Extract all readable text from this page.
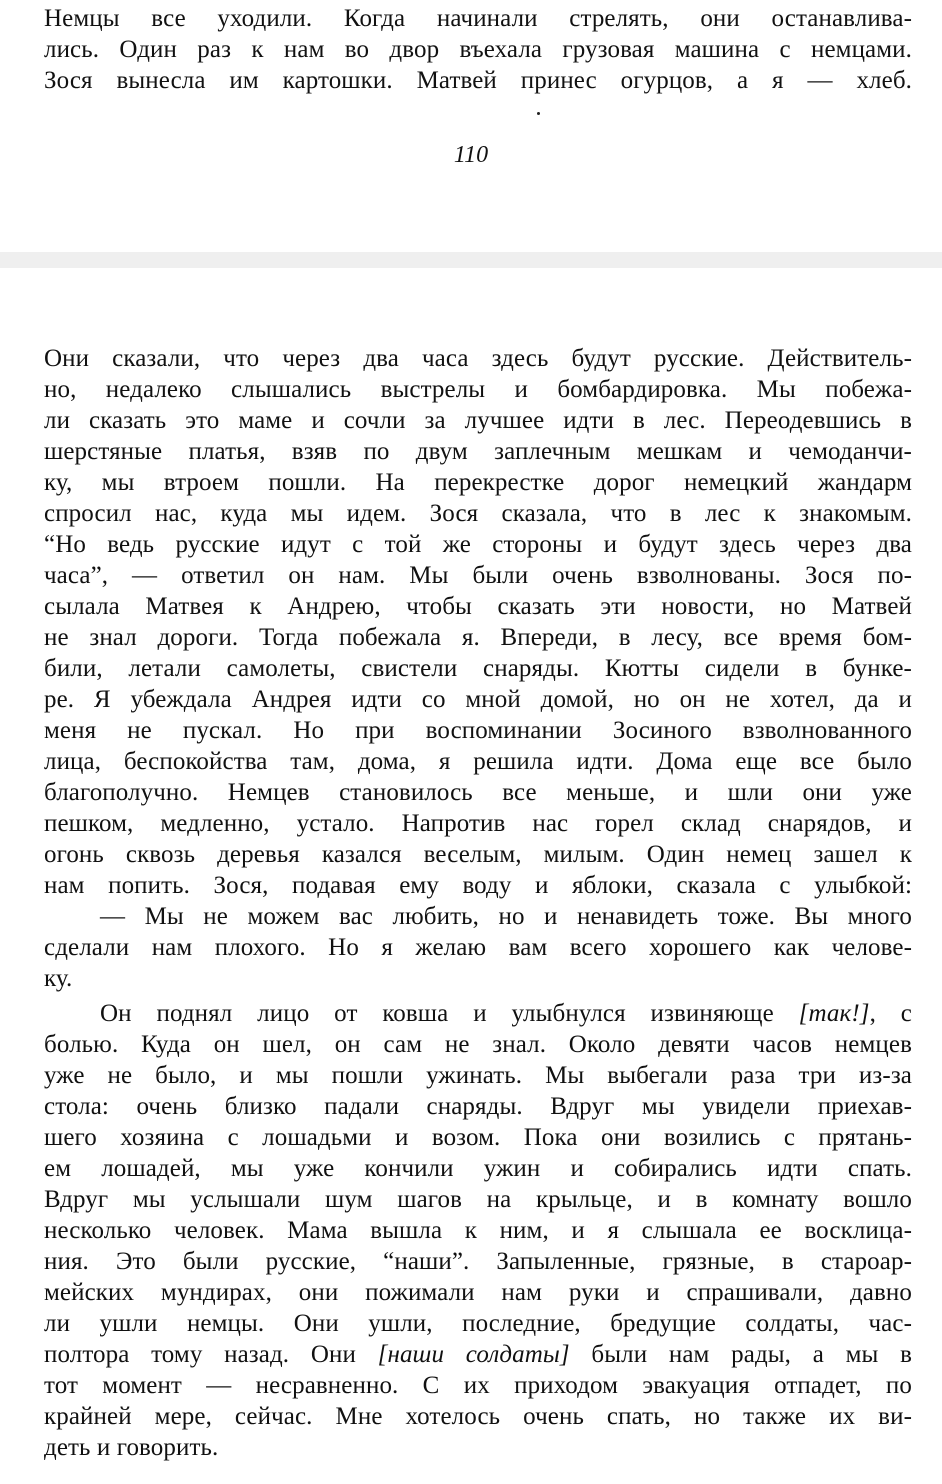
Немцы все уходили. Когда начинали стрелять, они останавлива-
лись. Один раз к нам во двор въехала грузовая машина с немцами.
Зося вынесла им картошки. Матвей принес огурцов, а я — хлеб.
110
Они сказали, что через два часа здесь будут русские. Действитель-
но, недалеко слышались выстрелы и бомбардировка. Мы побежа-
ли сказать это маме и сочли за лучшее идти в лес. Переодевшись в
шерстяные платья, взяв по двум заплечным мешкам и чемоданчи-
ку, мы втроем пошли. На перекрестке дорог немецкий жандарм
спросил нас, куда мы идем. Зося сказала, что в лес к знакомым.
“Но ведь русские идут с той же стороны и будут здесь через два
часа”, — ответил он нам. Мы были очень взволнованы. Зося по-
сылала Матвея к Андрею, чтобы сказать эти новости, но Матвей
не знал дороги. Тогда побежала я. Впереди, в лесу, все время бом-
били, летали самолеты, свистели снаряды. Кютты сидели в бунке-
ре. Я убеждала Андрея идти со мной домой, но он не хотел, да и
меня не пускал. Но при воспоминании Зосиного взволнованного
лица, беспокойства там, дома, я решила идти. Дома еще все было
благополучно. Немцев становилось все меньше, и шли они уже
пешком, медленно, устало. Напротив нас горел склад снарядов, и
огонь сквозь деревья казался веселым, милым. Один немец зашел к
нам попить. Зося, подавая ему воду и яблоки, сказала с улыбкой:
— Мы не можем вас любить, но и ненавидеть тоже. Вы много
сделали нам плохого. Но я желаю вам всего хорошего как челове-
ку.
Он поднял лицо от ковша и улыбнулся извиняюще [так!], с
болью. Куда он шел, он сам не знал. Около девяти часов немцев
уже не было, и мы пошли ужинать. Мы выбегали раза три из-за
стола: очень близко падали снаряды. Вдруг мы увидели приехав-
шего хозяина с лошадьми и возом. Пока они возились с прятань-
ем лошадей, мы уже кончили ужин и собирались идти спать.
Вдруг мы услышали шум шагов на крыльце, и в комнату вошло
несколько человек. Мама вышла к ним, и я слышала ее восклица-
ния. Это были русские, “наши”. Запыленные, грязные, в староар-
мейских мундирах, они пожимали нам руки и спрашивали, давно
ли ушли немцы. Они ушли, последние, бредущие солдаты, час-
полтора тому назад. Они [наши солдаты] были нам рады, а мы в
тот момент — несравненно. С их приходом эвакуация отпадет, по
крайней мере, сейчас. Мне хотелось очень спать, но также их ви-
деть и говорить.
